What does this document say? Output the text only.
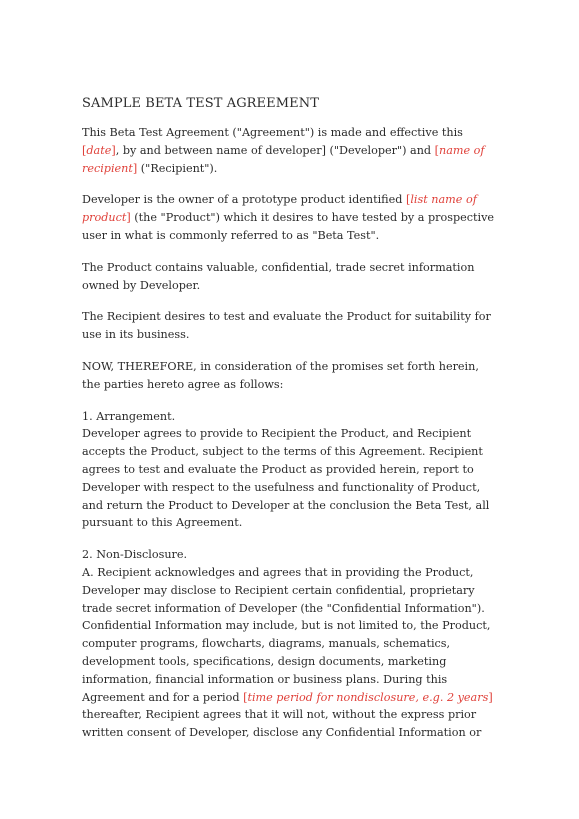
SAMPLE BETA TEST AGREEMENT

This Beta Test Agreement ("Agreement") is made and effective this [date], by and between name of developer] ("Developer") and [name of recipient] ("Recipient").

Developer is the owner of a prototype product identified [list name of product] (the "Product") which it desires to have tested by a prospective user in what is commonly referred to as "Beta Test".

The Product contains valuable, confidential, trade secret information owned by Developer.

The Recipient desires to test and evaluate the Product for suitability for use in its business.

NOW, THEREFORE, in consideration of the promises set forth herein, the parties hereto agree as follows:

1. Arrangement.
Developer agrees to provide to Recipient the Product, and Recipient accepts the Product, subject to the terms of this Agreement. Recipient agrees to test and evaluate the Product as provided herein, report to Developer with respect to the usefulness and functionality of Product, and return the Product to Developer at the conclusion the Beta Test, all pursuant to this Agreement.

2. Non-Disclosure.
A. Recipient acknowledges and agrees that in providing the Product, Developer may disclose to Recipient certain confidential, proprietary trade secret information of Developer (the "Confidential Information"). Confidential Information may include, but is not limited to, the Product, computer programs, flowcharts, diagrams, manuals, schematics, development tools, specifications, design documents, marketing information, financial information or business plans. During this Agreement and for a period [time period for nondisclosure, e.g. 2 years] thereafter, Recipient agrees that it will not, without the express prior written consent of Developer, disclose any Confidential Information or
